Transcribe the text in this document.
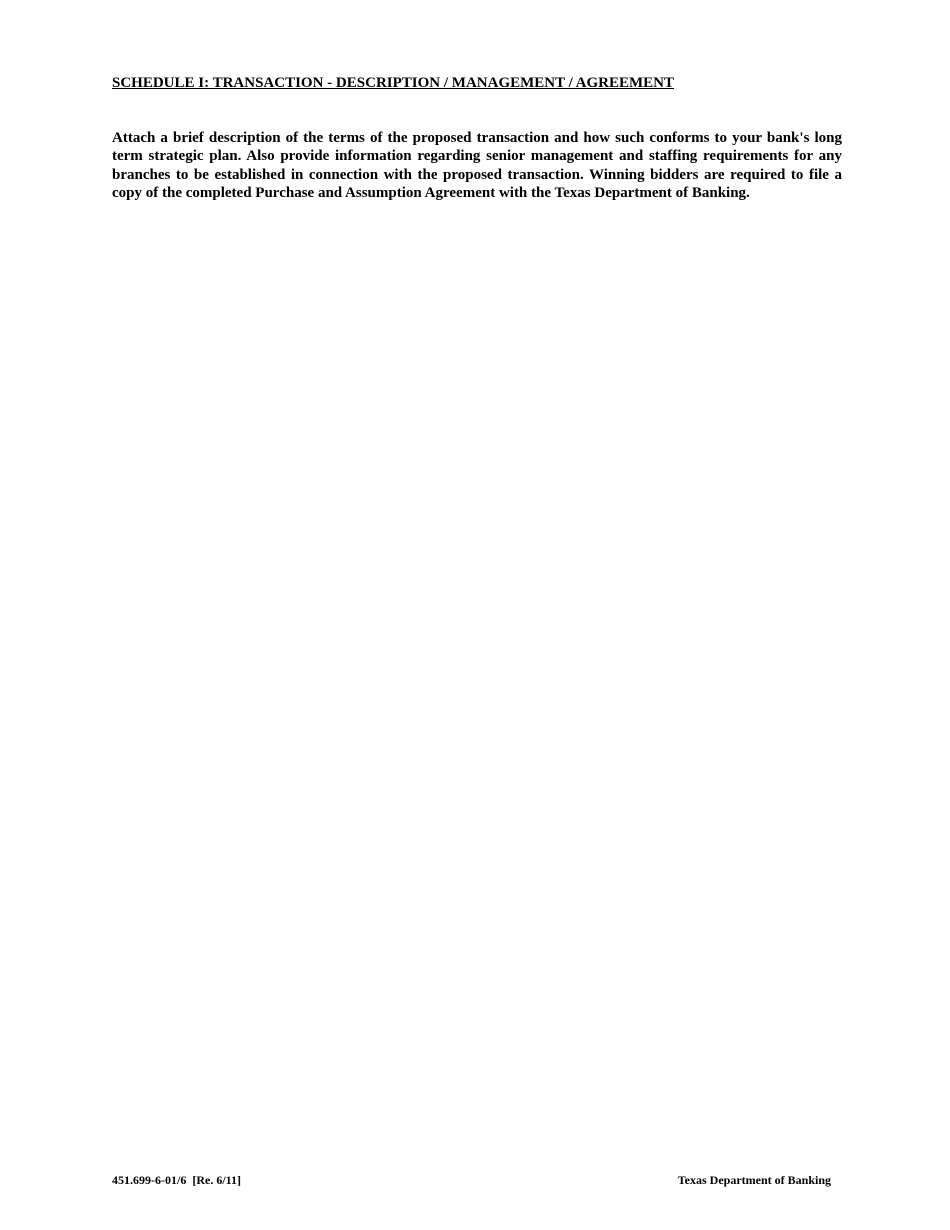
SCHEDULE I: TRANSACTION - DESCRIPTION / MANAGEMENT / AGREEMENT

Attach a brief description of the terms of the proposed transaction and how such conforms to your bank's long term strategic plan. Also provide information regarding senior management and staffing requirements for any branches to be established in connection with the proposed transaction. Winning bidders are required to file a copy of the completed Purchase and Assumption Agreement with the Texas Department of Banking.

451.699-6-01/6  [Re. 6/11]	Texas Department of Banking
